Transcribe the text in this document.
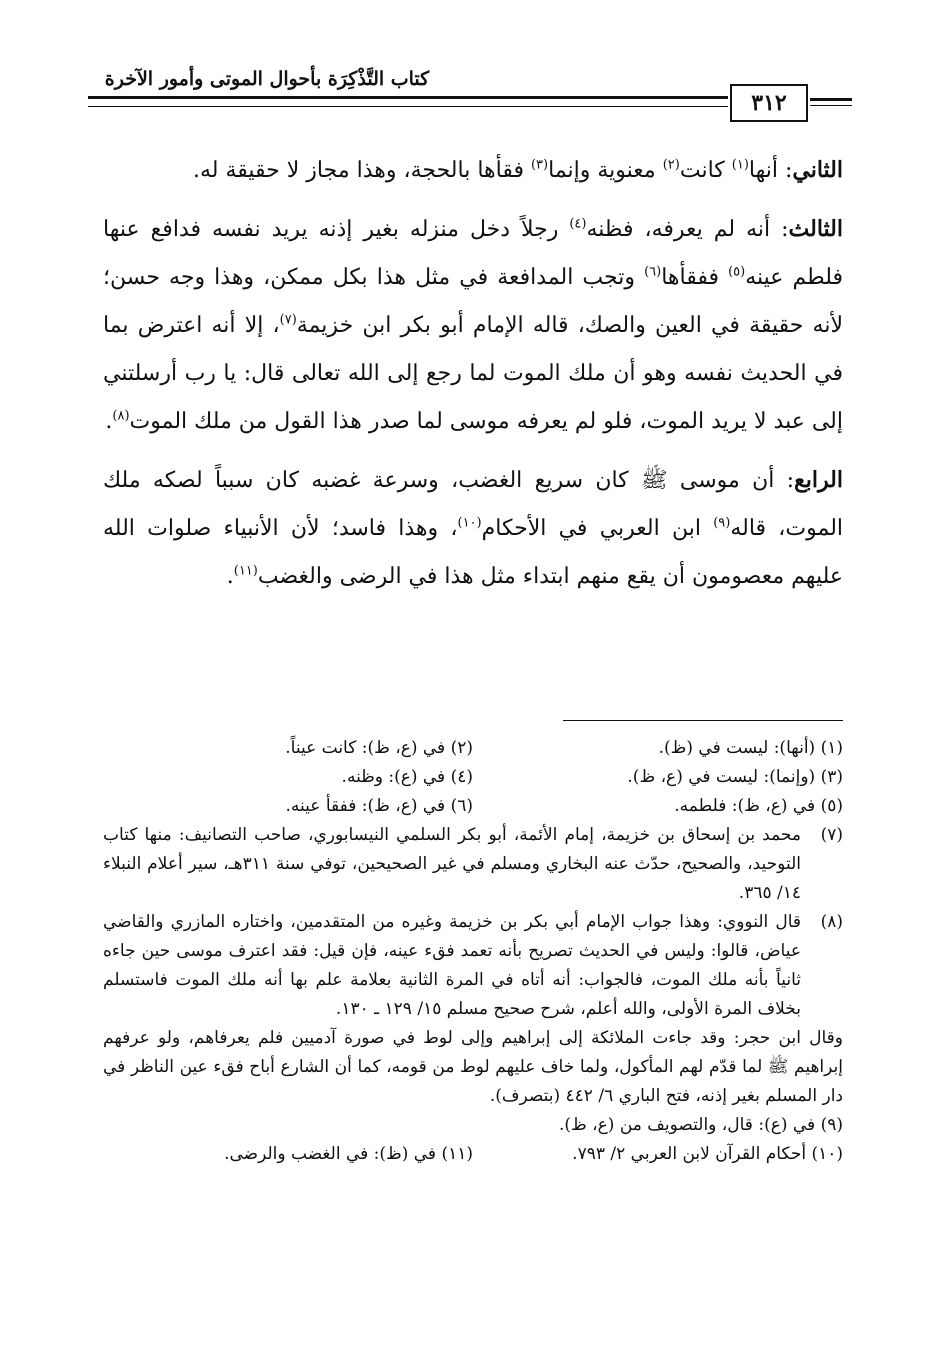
كتاب التَّذْكِرَة بأحوال الموتى وأمور الآخرة
٣١٢

الثاني: أنها$^{(١)}$ كانت$^{(٢)}$ معنوية وإنما$^{(٣)}$ فقأها بالحجة، وهذا مجاز لا حقيقة له.

الثالث: أنه لم يعرفه، فظنه$^{(٤)}$ رجلاً دخل منزله بغير إذنه يريد نفسه فدافع عنها فلطم عينه$^{(٥)}$ ففقأها$^{(٦)}$ وتجب المدافعة في مثل هذا بكل ممكن، وهذا وجه حسن؛ لأنه حقيقة في العين والصك، قاله الإمام أبو بكر ابن خزيمة$^{(٧)}$، إلا أنه اعترض بما في الحديث نفسه وهو أن ملك الموت لما رجع إلى الله تعالى قال: يا رب أرسلتني إلى عبد لا يريد الموت، فلو لم يعرفه موسى لما صدر هذا القول من ملك الموت$^{(٨)}$.

الرابع: أن موسى ﷺ كان سريع الغضب، وسرعة غضبه كان سبباً لصكه ملك الموت، قاله$^{(٩)}$ ابن العربي في الأحكام$^{(١٠)}$، وهذا فاسد؛ لأن الأنبياء صلوات الله عليهم معصومون أن يقع منهم ابتداء مثل هذا في الرضى والغضب$^{(١١)}$.

(١) (أنها): ليست في (ظ).
(٢) في (ع، ظ): كانت عيناً.
(٣) (وإنما): ليست في (ع، ظ).
(٤) في (ع): وظنه.
(٥) في (ع، ظ): فلطمه.
(٦) في (ع، ظ): ففقأ عينه.
(٧)
محمد بن إسحاق بن خزيمة، إمام الأئمة، أبو بكر السلمي النيسابوري، صاحب التصانيف: منها كتاب التوحيد، والصحيح، حدّث عنه البخاري ومسلم في غير الصحيحين، توفي سنة ٣١١هـ، سير أعلام النبلاء ١٤/ ٣٦٥.
(٨)
قال النووي: وهذا جواب الإمام أبي بكر بن خزيمة وغيره من المتقدمين، واختاره المازري والقاضي عياض، قالوا: وليس في الحديث تصريح بأنه تعمد فقء عينه، فإن قيل: فقد اعترف موسى حين جاءه ثانياً بأنه ملك الموت، فالجواب: أنه أتاه في المرة الثانية بعلامة علم بها أنه ملك الموت فاستسلم بخلاف المرة الأولى، والله أعلم، شرح صحيح مسلم ١٥/ ١٢٩ ـ ١٣٠.
وقال ابن حجر: وقد جاءت الملائكة إلى إبراهيم وإلى لوط في صورة آدميين فلم يعرفاهم، ولو عرفهم إبراهيم ﷺ لما قدّم لهم المأكول، ولما خاف عليهم لوط من قومه، كما أن الشارع أباح فقء عين الناظر في دار المسلم بغير إذنه، فتح الباري ٦/ ٤٤٢ (بتصرف).
(٩) في (ع): قال، والتصويف من (ع، ظ).
(١٠) أحكام القرآن لابن العربي ٢/ ٧٩٣.
(١١) في (ظ): في الغضب والرضى.
